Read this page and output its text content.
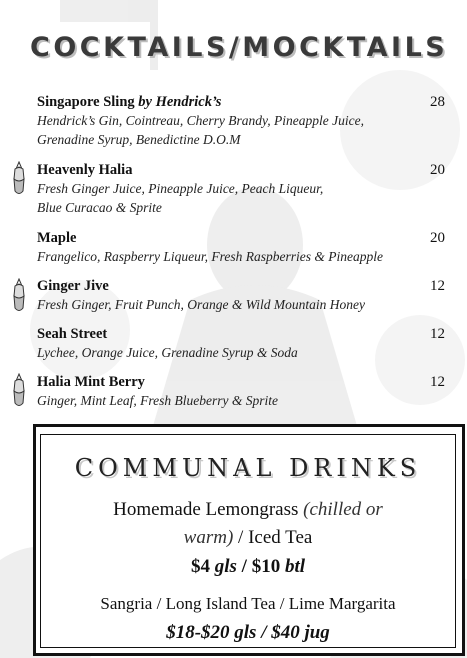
COCKTAILS/MOCKTAILS
Singapore Sling by Hendrick’s	28
Hendrick’s Gin, Cointreau, Cherry Brandy, Pineapple Juice,
Grenadine Syrup, Benedictine D.O.M
Heavenly Halia	20
Fresh Ginger Juice, Pineapple Juice, Peach Liqueur,
Blue Curacao & Sprite
Maple	20
Frangelico, Raspberry Liqueur, Fresh Raspberries & Pineapple
Ginger Jive	12
Fresh Ginger, Fruit Punch, Orange & Wild Mountain Honey
Seah Street	12
Lychee, Orange Juice, Grenadine Syrup & Soda
Halia Mint Berry	12
Ginger, Mint Leaf, Fresh Blueberry & Sprite
COMMUNAL DRINKS
Homemade Lemongrass (chilled or
warm) / Iced Tea
$4 gls / $10 btl
Sangria / Long Island Tea / Lime Margarita
$18-$20 gls / $40 jug
